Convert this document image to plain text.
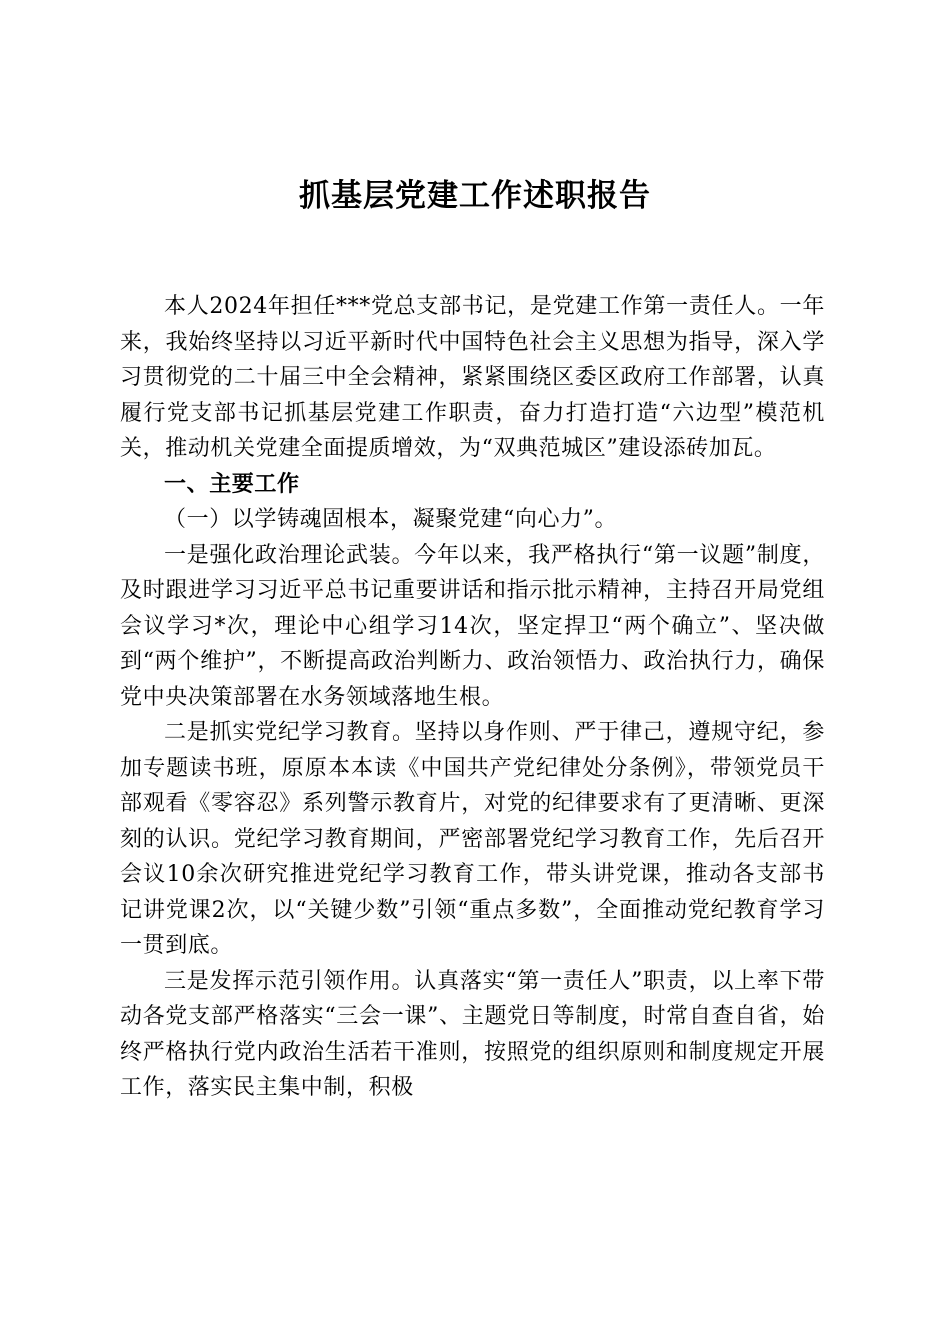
抓基层党建工作述职报告

本人2024年担任***党总支部书记，是党建工作第一责任人。一年来，我始终坚持以习近平新时代中国特色社会主义思想为指导，深入学习贯彻党的二十届三中全会精神，紧紧围绕区委区政府工作部署，认真履行党支部书记抓基层党建工作职责，奋力打造打造“六边型”模范机关，推动机关党建全面提质增效，为“双典范城区”建设添砖加瓦。

一、主要工作

（一）以学铸魂固根本，凝聚党建“向心力”。

一是强化政治理论武装。今年以来，我严格执行“第一议题”制度，及时跟进学习习近平总书记重要讲话和指示批示精神，主持召开局党组会议学习*次，理论中心组学习14次，坚定捍卫“两个确立”、坚决做到“两个维护”，不断提高政治判断力、政治领悟力、政治执行力，确保党中央决策部署在水务领域落地生根。

二是抓实党纪学习教育。坚持以身作则、严于律己，遵规守纪，参加专题读书班，原原本本读《中国共产党纪律处分条例》，带领党员干部观看《零容忍》系列警示教育片，对党的纪律要求有了更清晰、更深刻的认识。党纪学习教育期间，严密部署党纪学习教育工作，先后召开会议10余次研究推进党纪学习教育工作，带头讲党课，推动各支部书记讲党课2次，以“关键少数”引领“重点多数”，全面推动党纪教育学习一贯到底。

三是发挥示范引领作用。认真落实“第一责任人”职责，以上率下带动各党支部严格落实“三会一课”、主题党日等制度，时常自查自省，始终严格执行党内政治生活若干准则，按照党的组织原则和制度规定开展工作，落实民主集中制，积极
